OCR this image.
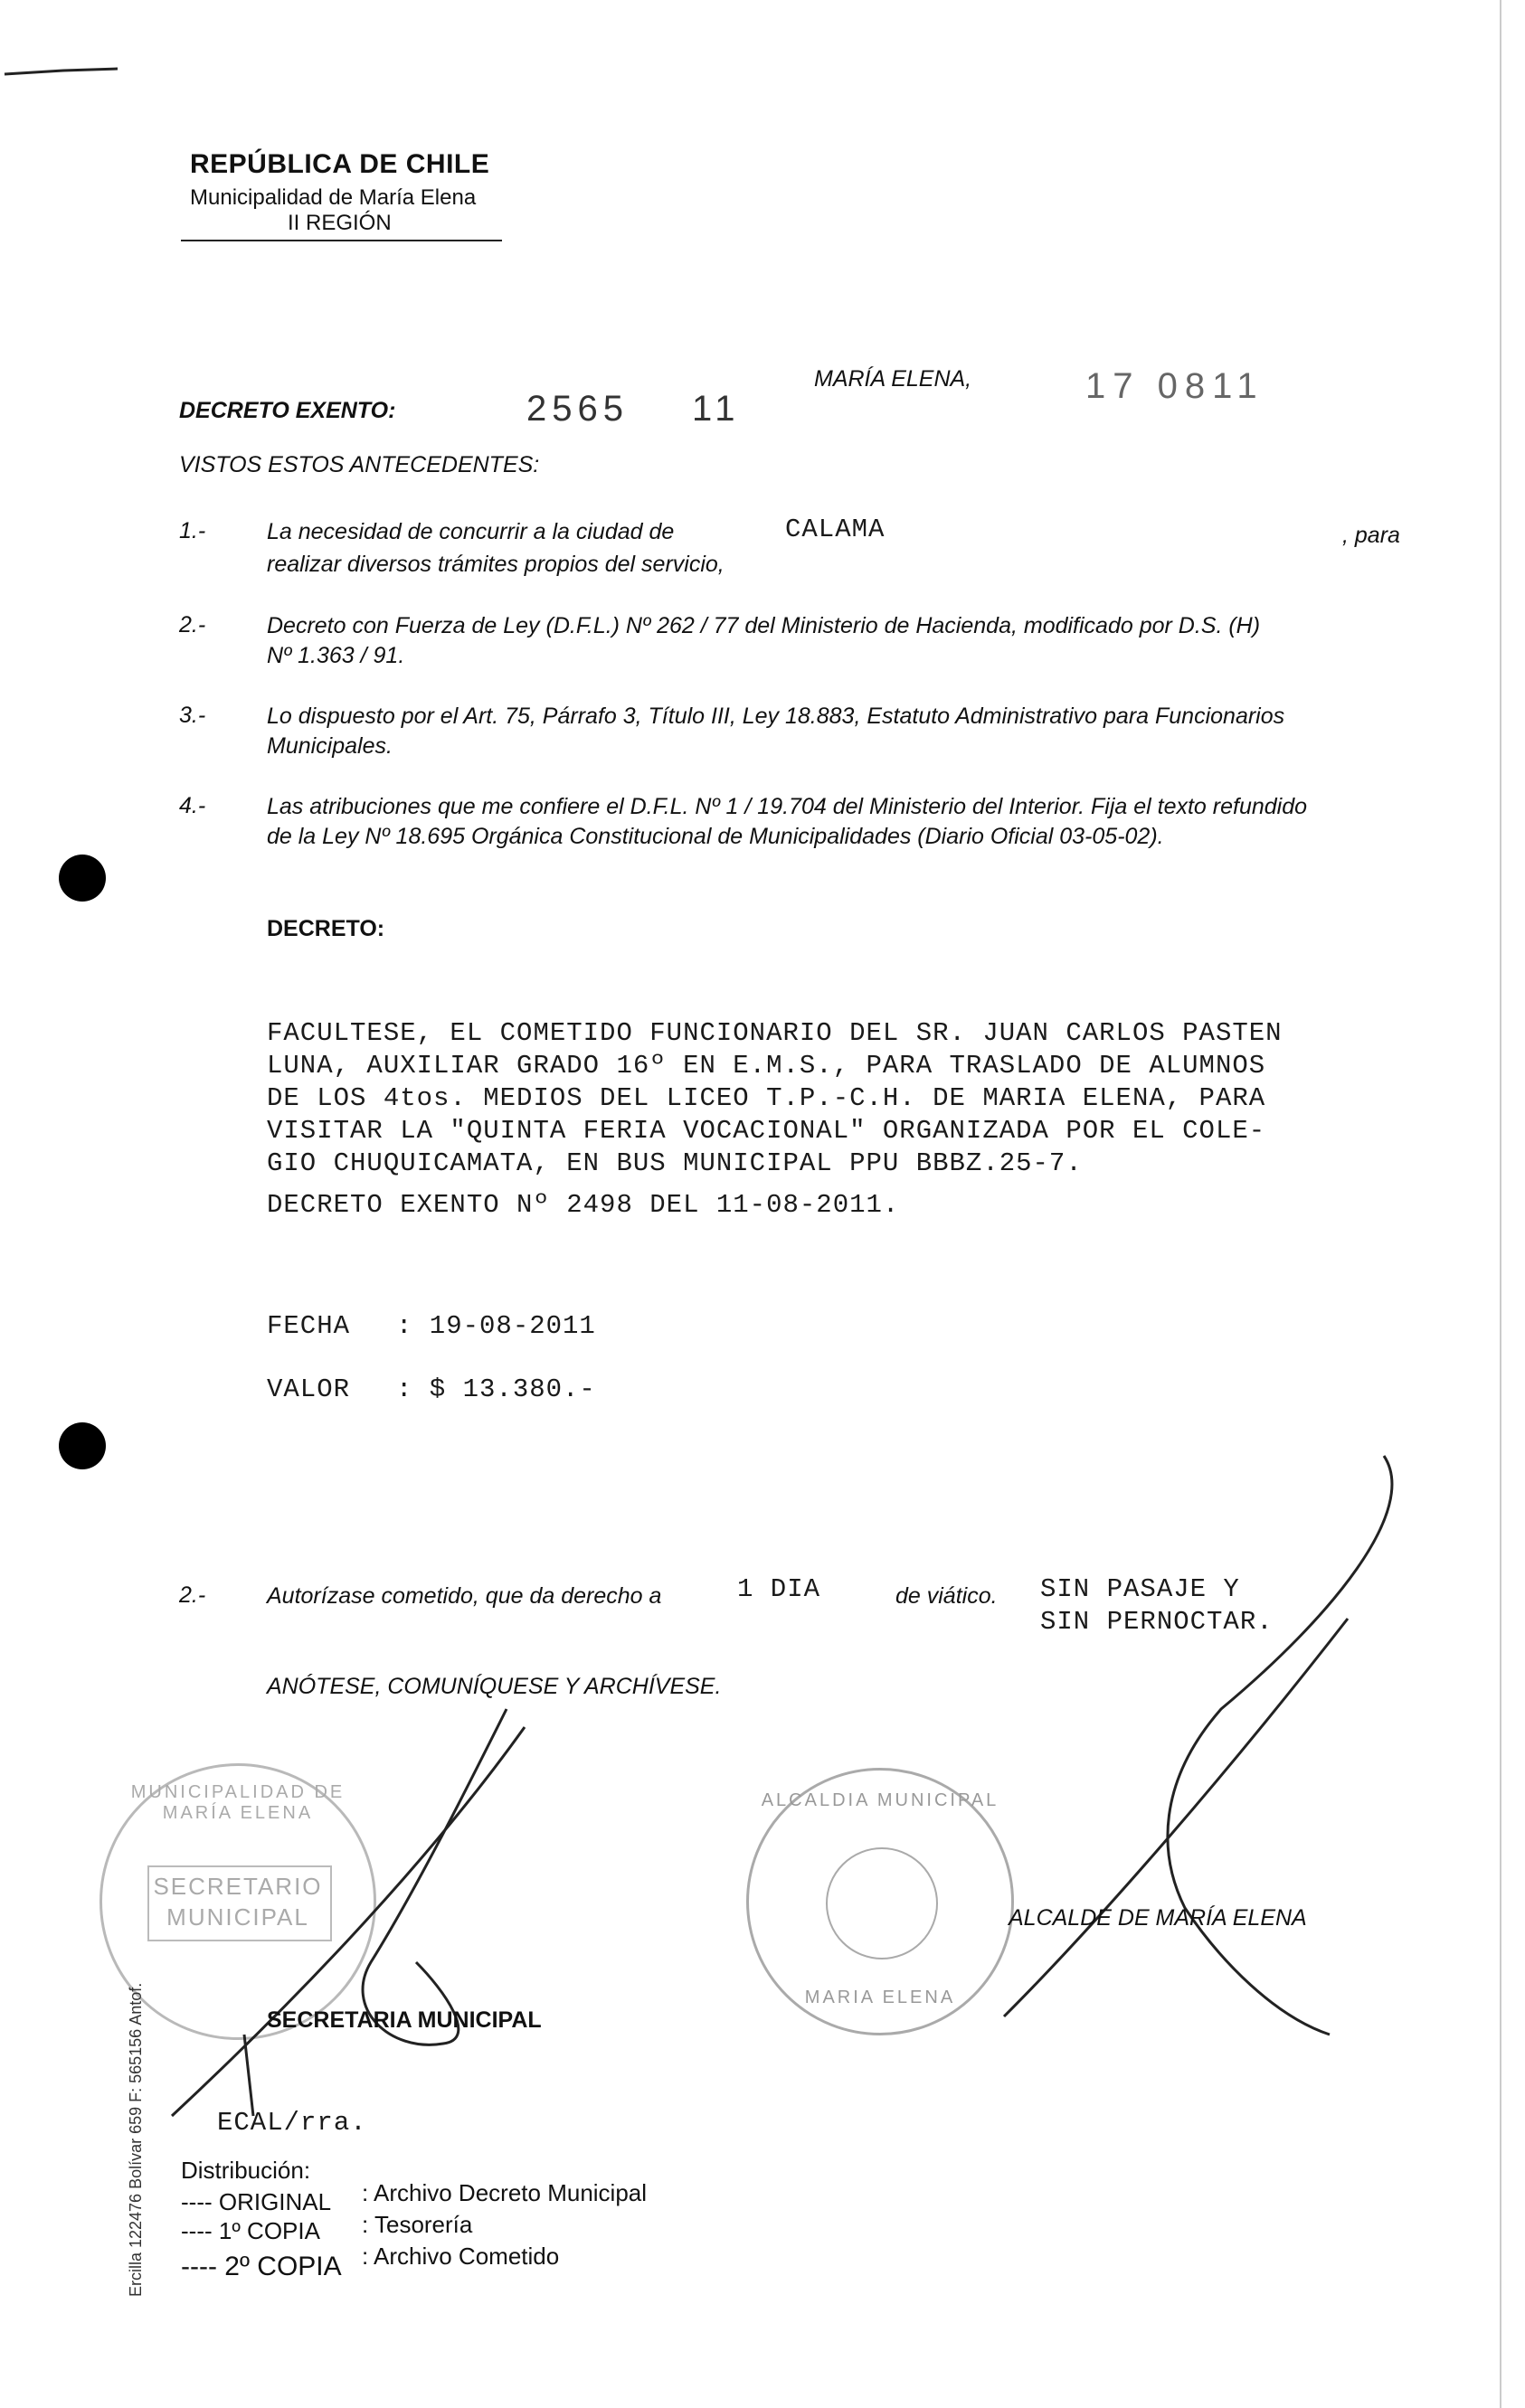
REPÚBLICA DE CHILE
Municipalidad de María Elena
II REGIÓN
DECRETO EXENTO:	2565 11
MARÍA ELENA,	17 0811
VISTOS ESTOS ANTECEDENTES:
1.-	La necesidad de concurrir a la ciudad de	CALAMA	, para
realizar diversos trámites propios del servicio,
2.-	Decreto con Fuerza de Ley (D.F.L.) Nº 262 / 77 del Ministerio de Hacienda, modificado por D.S. (H)
Nº 1.363 / 91.
3.-	Lo dispuesto por el Art. 75, Párrafo 3, Título III, Ley 18.883, Estatuto Administrativo para Funcionarios
Municipales.
4.-	Las atribuciones que me confiere el D.F.L. Nº 1 / 19.704 del Ministerio del Interior. Fija el texto refundido
de la Ley Nº 18.695 Orgánica Constitucional de Municipalidades (Diario Oficial 03-05-02).
DECRETO:
FACULTESE, EL COMETIDO FUNCIONARIO DEL SR. JUAN CARLOS PASTEN
LUNA, AUXILIAR GRADO 16º EN E.M.S., PARA TRASLADO DE ALUMNOS
DE LOS 4tos. MEDIOS DEL LICEO T.P.-C.H. DE MARIA ELENA, PARA
VISITAR LA "QUINTA FERIA VOCACIONAL" ORGANIZADA POR EL COLE-
GIO CHUQUICAMATA, EN BUS MUNICIPAL PPU BBBZ.25-7.
DECRETO EXENTO Nº 2498 DEL 11-08-2011.
FECHA : 19-08-2011
VALOR : $ 13.380.-
2.-	Autorízase cometido, que da derecho a	1 DIA	de viático. SIN PASAJE Y
SIN PERNOCTAR.
ANÓTESE, COMUNÍQUESE Y ARCHÍVESE.
MUNICIPALIDAD DE MARÍA ELENA
SECRETARIO
MUNICIPAL
ALCALDIA MUNICIPAL
MARIA ELENA
ALCALDE DE MARÍA ELENA
SECRETARIA MUNICIPAL
ECAL/rra.
Distribución:
---- ORIGINAL : Archivo Decreto Municipal
---- 1º COPIA : Tesorería
---- 2º COPIA : Archivo Cometido
Ercilla 122476 Bolívar 659 F: 565156 Antof.
